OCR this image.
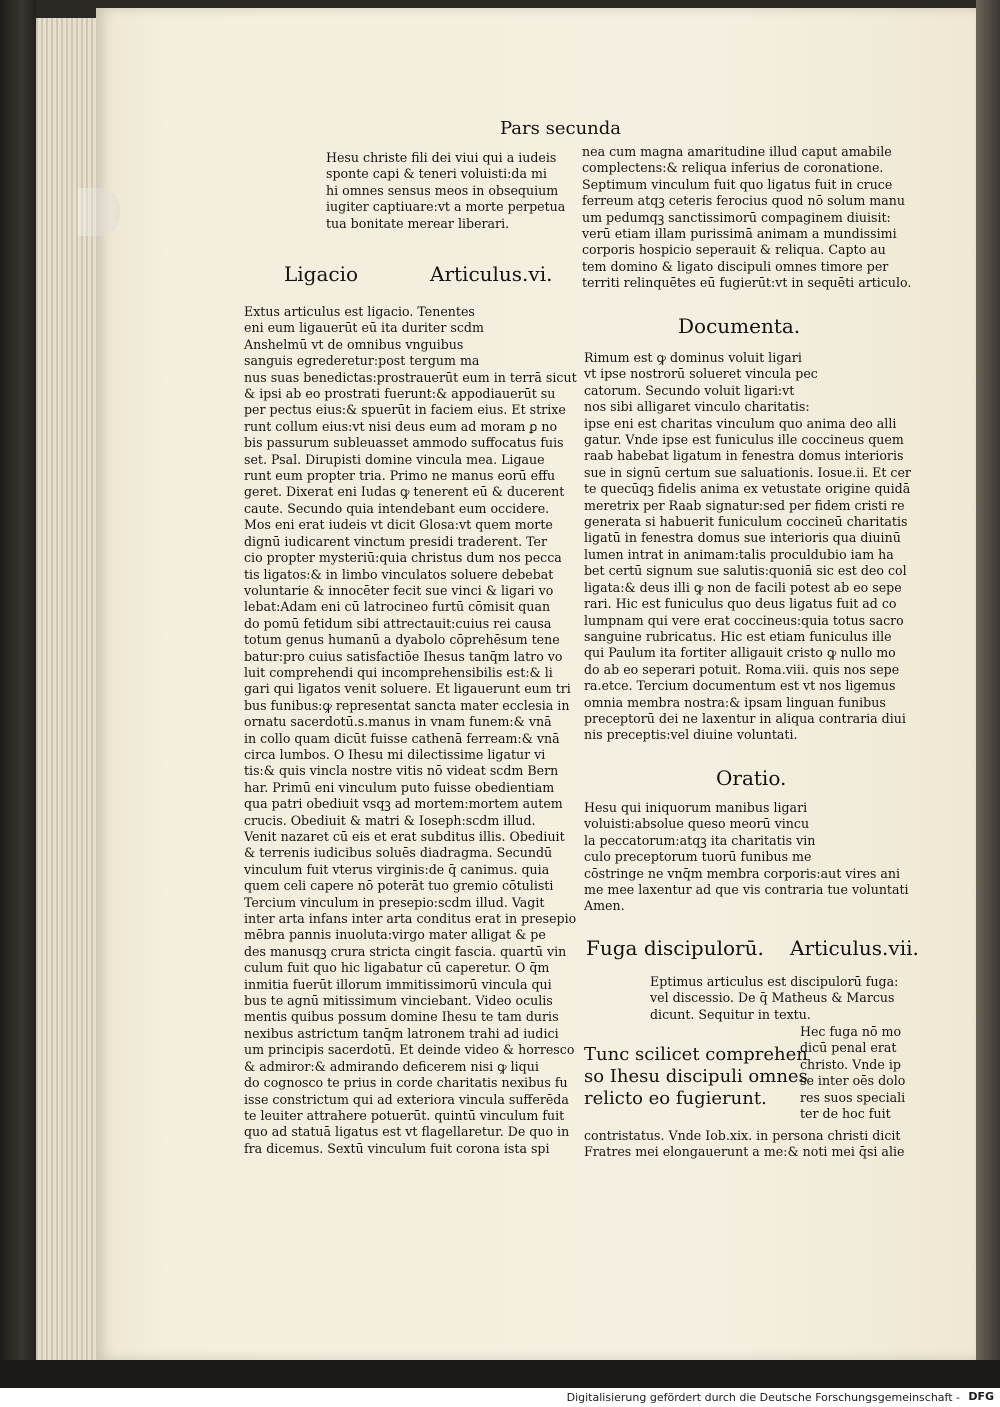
Pars secunda

Hesu christe fili dei viui qui a iudeis

sponte capi & teneri voluisti:da mi

hi omnes sensus meos in obsequium

iugiter captiuare:vt a morte perpetua

tua bonitate merear liberari.

Ligacio	Articulus.vi.

Extus articulus est ligacio. Tenentes

eni eum ligauerūt eū ita duriter scdm

Anshelmū vt de omnibus vnguibus

sanguis egrederetur:post tergum ma

nus suas benedictas:prostrauerūt eum in terrā sicut

& ipsi ab eo prostrati fuerunt:& appodiauerūt su

per pectus eius:& spuerūt in faciem eius. Et strixe

runt collum eius:vt nisi deus eum ad moram ꝑ no

bis passurum subleuasset ammodo suffocatus fuis

set. Psal. Dirupisti domine vincula mea. Ligaue

runt eum propter tria. Primo ne manus eorū effu

geret. Dixerat eni Iudas ꝙ tenerent eū & ducerent

caute. Secundo quia intendebant eum occidere.

Mos eni erat iudeis vt dicit Glosa:vt quem morte

dignū iudicarent vinctum presidi traderent. Ter

cio propter mysteriū:quia christus dum nos pecca

tis ligatos:& in limbo vinculatos soluere debebat

voluntarie & innocēter fecit sue vinci & ligari vo

lebat:Adam eni cū latrocineo furtū cōmisit quan

do pomū fetidum sibi attrectauit:cuius rei causa

totum genus humanū a dyabolo cōprehēsum tene

batur:pro cuius satisfactiōe Ihesus tanq̄m latro vo

luit comprehendi qui incomprehensibilis est:& li

gari qui ligatos venit soluere. Et ligauerunt eum tri

bus funibus:ꝙ representat sancta mater ecclesia in

ornatu sacerdotū.s.manus in vnam funem:& vnā

in collo quam dicūt fuisse cathenā ferream:& vnā

circa lumbos. O Ihesu mi dilectissime ligatur vi

tis:& quis vincla nostre vitis nō videat scdm Bern

har. Primū eni vinculum puto fuisse obedientiam

qua patri obediuit vsqꝫ ad mortem:mortem autem

crucis. Obediuit & matri & Ioseph:scdm illud.

Venit nazaret cū eis et erat subditus illis. Obediuit

& terrenis iudicibus soluēs diadragma. Secundū

vinculum fuit vterus virginis:de q̄ canimus. quia

quem celi capere nō poterāt tuo gremio cōtulisti

Tercium vinculum in presepio:scdm illud. Vagit

inter arta infans inter arta conditus erat in presepio

mēbra pannis inuoluta:virgo mater alligat & pe

des manusqꝫ crura stricta cingit fascia. quartū vin

culum fuit quo hic ligabatur cū caperetur. O q̄m

inmitia fuerūt illorum immitissimorū vincula qui

bus te agnū mitissimum vinciebant. Video oculis

mentis quibus possum domine Ihesu te tam duris

nexibus astrictum tanq̄m latronem trahi ad iudici

um principis sacerdotū. Et deinde video & horresco

& admiror:& admirando deficerem nisi ꝙ liqui

do cognosco te prius in corde charitatis nexibus fu

isse constrictum qui ad exteriora vincula sufferēda

te leuiter attrahere potuerūt. quintū vinculum fuit

quo ad statuā ligatus est vt flagellaretur. De quo in

fra dicemus. Sextū vinculum fuit corona ista spi

nea cum magna amaritudine illud caput amabile

complectens:& reliqua inferius de coronatione.

Septimum vinculum fuit quo ligatus fuit in cruce

ferreum atqꝫ ceteris ferocius quod nō solum manu

um pedumqꝫ sanctissimorū compaginem diuisit:

verū etiam illam purissimā animam a mundissimi

corporis hospicio seperauit & reliqua. Capto au

tem domino & ligato discipuli omnes timore per

territi relinquētes eū fugierūt:vt in sequēti articulo.

Documenta.

Rimum est ꝙ dominus voluit ligari

vt ipse nostrorū solueret vincula pec

catorum. Secundo voluit ligari:vt

nos sibi alligaret vinculo charitatis:

ipse eni est charitas vinculum quo anima deo alli

gatur. Vnde ipse est funiculus ille coccineus quem

raab habebat ligatum in fenestra domus interioris

sue in signū certum sue saluationis. Iosue.ii. Et cer

te quecūqꝫ fidelis anima ex vetustate origine quidā

meretrix per Raab signatur:sed per fidem cristi re

generata si habuerit funiculum coccineū charitatis

ligatū in fenestra domus sue interioris qua diuinū

lumen intrat in animam:talis proculdubio iam ha

bet certū signum sue salutis:quoniā sic est deo col

ligata:& deus illi ꝙ non de facili potest ab eo sepe

rari. Hic est funiculus quo deus ligatus fuit ad co

lumpnam qui vere erat coccineus:quia totus sacro

sanguine rubricatus. Hic est etiam funiculus ille

qui Paulum ita fortiter alligauit cristo ꝙ nullo mo

do ab eo seperari potuit. Roma.viii. quis nos sepe

ra.etce. Tercium documentum est vt nos ligemus

omnia membra nostra:& ipsam linguan funibus

preceptorū dei ne laxentur in aliqua contraria diui

nis preceptis:vel diuine voluntati.

Oratio.

Hesu qui iniquorum manibus ligari

voluisti:absolue queso meorū vincu

la peccatorum:atqꝫ ita charitatis vin

culo preceptorum tuorū funibus me

cōstringe ne vnq̄m membra corporis:aut vires ani

me mee laxentur ad que vis contraria tue voluntati

Amen.

Fuga discipulorū. Articulus.vii.

Eptimus articulus est discipulorū fuga:

vel discessio. De q̄ Matheus & Marcus

dicunt. Sequitur in textu.

Tunc scilicet comprehen

so Ihesu discipuli omnes

relicto eo fugierunt.

Hec fuga nō mo

dicū penal erat

christo. Vnde ip

se inter oēs dolo

res suos speciali

ter de hoc fuit

contristatus. Vnde Iob.xix. in persona christi dicit

Fratres mei elongauerunt a me:& noti mei q̄si alie

Digitalisierung gefördert durch die Deutsche Forschungsgemeinschaft - DFG
